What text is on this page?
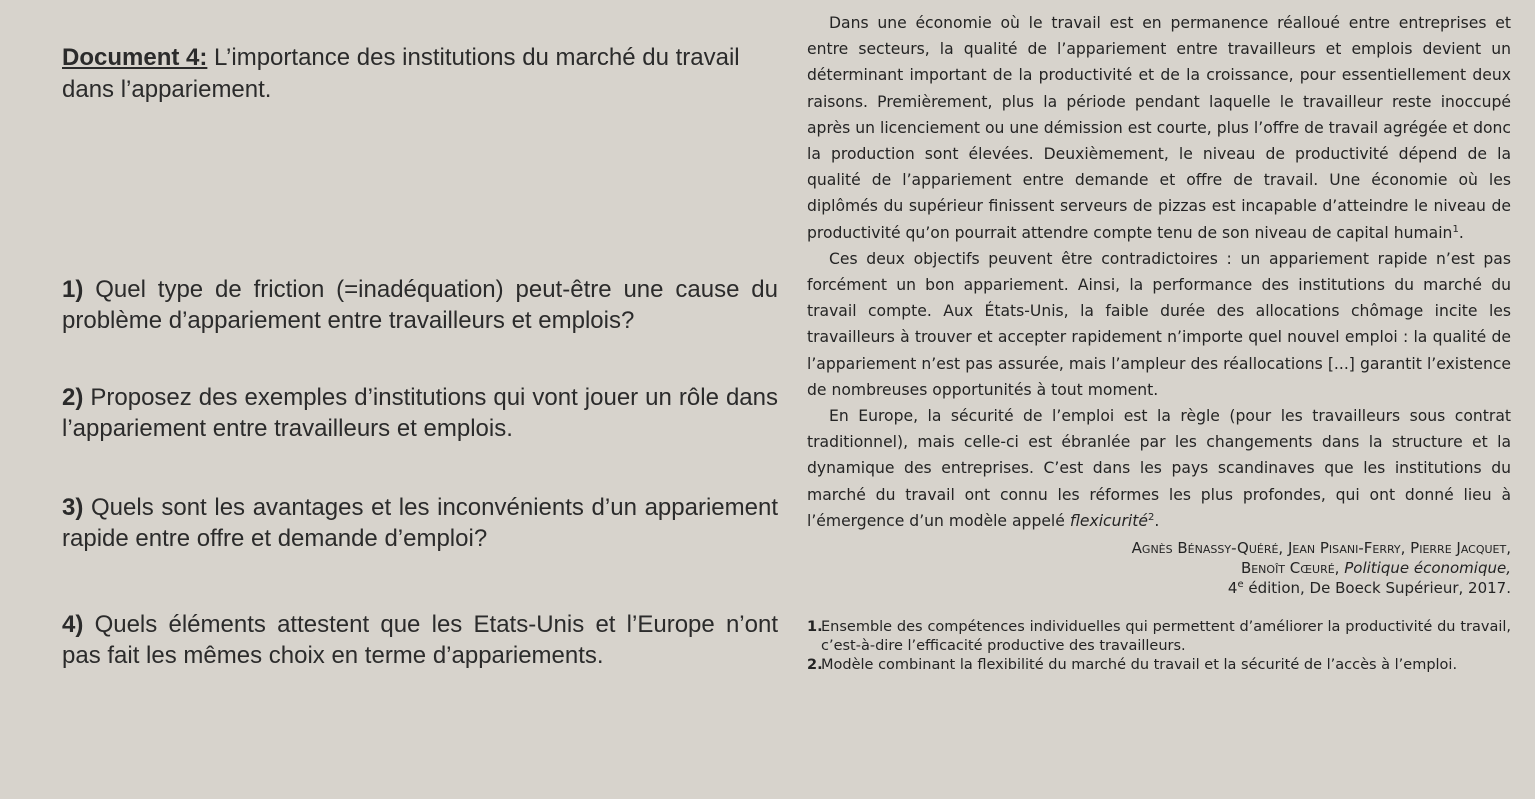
Document 4: L’importance des institutions du marché du travail dans l’appariement.

1) Quel type de friction (=inadéquation) peut-être une cause du problème d’appariement entre travailleurs et emplois?
2) Proposez des exemples d’institutions qui vont jouer un rôle dans l’appariement entre travailleurs et emplois.
3) Quels sont les avantages et les inconvénients d’un appariement rapide entre offre et demande d’emploi?
4) Quels éléments attestent que les Etats-Unis et l’Europe n’ont pas fait les mêmes choix en terme d’appariements.

Dans une économie où le travail est en permanence réalloué entre entreprises et entre secteurs, la qualité de l’appariement entre travailleurs et emplois devient un déterminant important de la productivité et de la croissance, pour essentiellement deux raisons. Premièrement, plus la période pendant laquelle le travailleur reste inoccupé après un licenciement ou une démission est courte, plus l’offre de travail agrégée et donc la production sont élevées. Deuxièmement, le niveau de productivité dépend de la qualité de l’appariement entre demande et offre de travail. Une économie où les diplômés du supérieur finissent serveurs de pizzas est incapable d’atteindre le niveau de productivité qu’on pourrait attendre compte tenu de son niveau de capital humain$^1$.

Ces deux objectifs peuvent être contradictoires : un appariement rapide n’est pas forcément un bon appariement. Ainsi, la performance des institutions du marché du travail compte. Aux États-Unis, la faible durée des allocations chômage incite les travailleurs à trouver et accepter rapidement n’importe quel nouvel emploi : la qualité de l’appariement n’est pas assurée, mais l’ampleur des réallocations [...] garantit l’existence de nombreuses opportunités à tout moment.

En Europe, la sécurité de l’emploi est la règle (pour les travailleurs sous contrat traditionnel), mais celle-ci est ébranlée par les changements dans la structure et la dynamique des entreprises. C’est dans les pays scandinaves que les institutions du marché du travail ont connu les réformes les plus profondes, qui ont donné lieu à l’émergence d’un modèle appelé flexicurité$^2$.

Agnès Bénassy-Quéré, Jean Pisani-Ferry, Pierre Jacquet,
Benoît Cœuré, Politique économique,
4e édition, De Boeck Supérieur, 2017.
1.
Ensemble des compétences individuelles qui permettent d’améliorer la productivité du travail, c’est-à-dire l’efficacité productive des travailleurs.
2.
Modèle combinant la flexibilité du marché du travail et la sécurité de l’accès à l’emploi.
